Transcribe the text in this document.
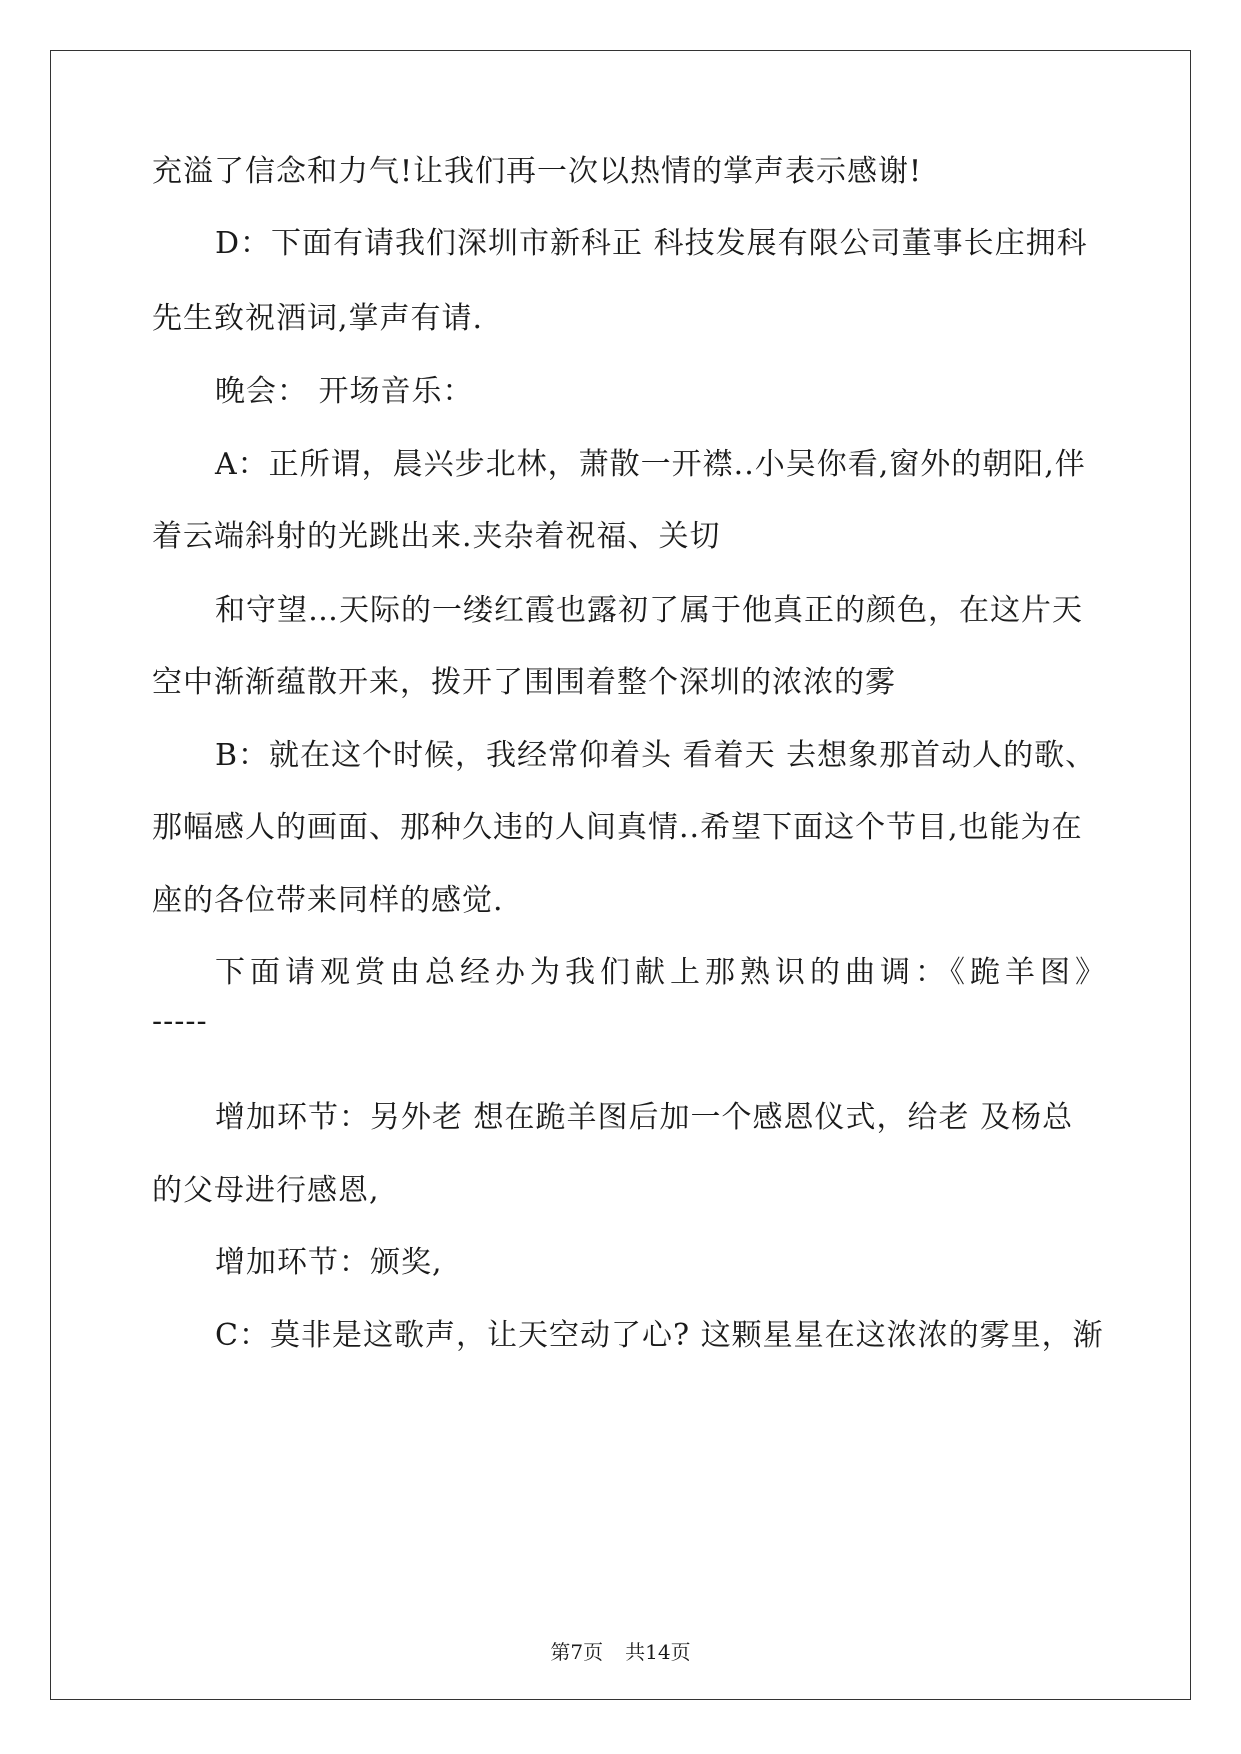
充溢了信念和力气!让我们再一次以热情的掌声表示感谢!
D：下面有请我们深圳市新科正 科技发展有限公司董事长庄拥科
先生致祝酒词,掌声有请.
晚会： 开场音乐：
A：正所谓，晨兴步北林，萧散一开襟..小吴你看,窗外的朝阳,伴
着云端斜射的光跳出来.夹杂着祝福、关切
和守望…天际的一缕红霞也露初了属于他真正的颜色，在这片天
空中渐渐蕴散开来，拨开了围围着整个深圳的浓浓的雾
B：就在这个时候，我经常仰着头 看着天 去想象那首动人的歌、
那幅感人的画面、那种久违的人间真情..希望下面这个节目,也能为在
座的各位带来同样的感觉.
下面请观赏由总经办为我们献上那熟识的曲调：《跪羊图》
-----
增加环节：另外老 想在跪羊图后加一个感恩仪式，给老 及杨总
的父母进行感恩,
增加环节：颁奖,
C：莫非是这歌声，让天空动了心? 这颗星星在这浓浓的雾里，渐
第7页 共14页
